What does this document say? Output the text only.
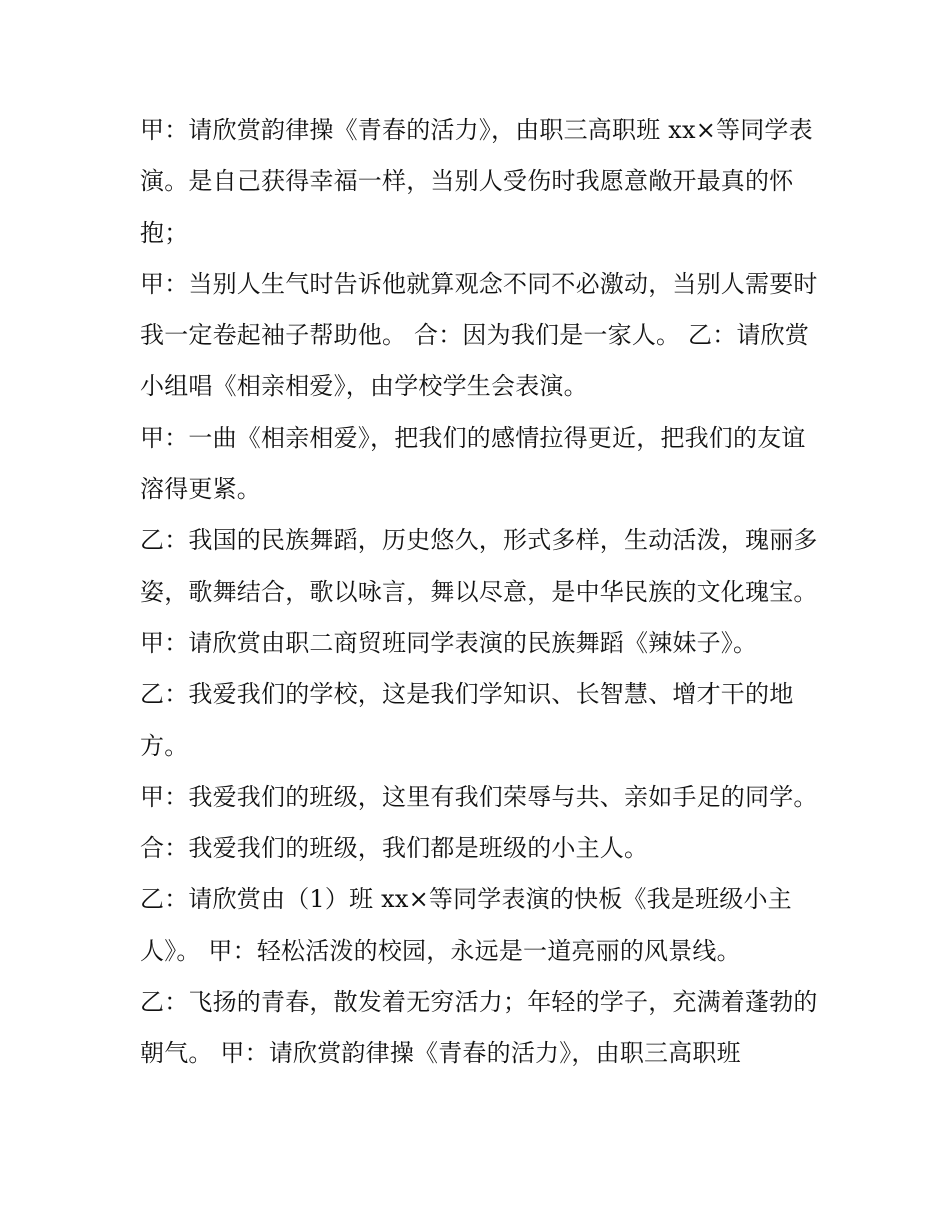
甲：请欣赏韵律操《青春的活力》，由职三高职班 xx×等同学表演。是自己获得幸福一样，当别人受伤时我愿意敞开最真的怀抱；

甲：当别人生气时告诉他就算观念不同不必激动，当别人需要时我一定卷起袖子帮助他。 合：因为我们是一家人。 乙：请欣赏小组唱《相亲相爱》，由学校学生会表演。

甲：一曲《相亲相爱》，把我们的感情拉得更近，把我们的友谊溶得更紧。

乙：我国的民族舞蹈，历史悠久，形式多样，生动活泼，瑰丽多姿，歌舞结合，歌以咏言，舞以尽意，是中华民族的文化瑰宝。

甲：请欣赏由职二商贸班同学表演的民族舞蹈《辣妹子》。

乙：我爱我们的学校，这是我们学知识、长智慧、增才干的地方。

甲：我爱我们的班级，这里有我们荣辱与共、亲如手足的同学。 合：我爱我们的班级，我们都是班级的小主人。

乙：请欣赏由（1）班 xx×等同学表演的快板《我是班级小主人》。 甲：轻松活泼的校园，永远是一道亮丽的风景线。

乙：飞扬的青春，散发着无穷活力；年轻的学子，充满着蓬勃的朝气。 甲：请欣赏韵律操《青春的活力》，由职三高职班
